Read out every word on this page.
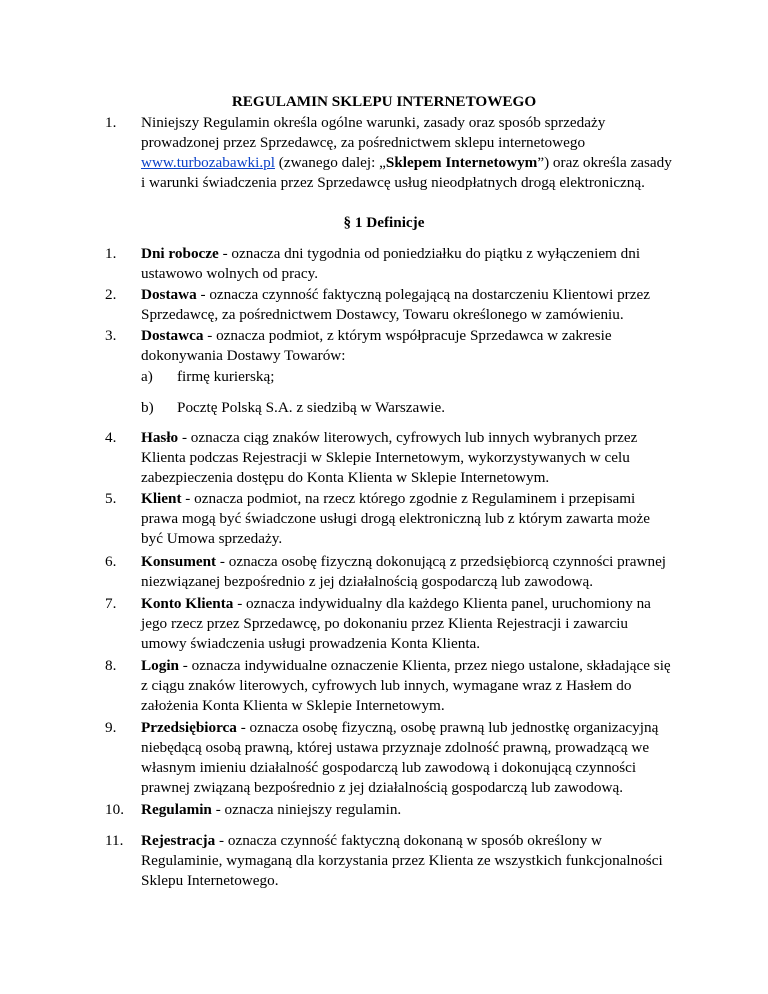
REGULAMIN SKLEPU INTERNETOWEGO
1. Niniejszy Regulamin określa ogólne warunki, zasady oraz sposób sprzedaży prowadzonej przez Sprzedawcę, za pośrednictwem sklepu internetowego www.turbozabawki.pl (zwanego dalej: „Sklepem Internetowym”) oraz określa zasady i warunki świadczenia przez Sprzedawcę usług nieodpłatnych drogą elektroniczną.
§ 1 Definicje
1. Dni robocze - oznacza dni tygodnia od poniedziałku do piątku z wyłączeniem dni ustawowo wolnych od pracy.
2. Dostawa - oznacza czynność faktyczną polegającą na dostarczeniu Klientowi przez Sprzedawcę, za pośrednictwem Dostawcy, Towaru określonego w zamówieniu.
3. Dostawca - oznacza podmiot, z którym współpracuje Sprzedawca w zakresie dokonywania Dostawy Towarów:
a) firmę kurierską;
b) Pocztę Polską S.A. z siedzibą w Warszawie.
4. Hasło - oznacza ciąg znaków literowych, cyfrowych lub innych wybranych przez Klienta podczas Rejestracji w Sklepie Internetowym, wykorzystywanych w celu zabezpieczenia dostępu do Konta Klienta w Sklepie Internetowym.
5. Klient - oznacza podmiot, na rzecz którego zgodnie z Regulaminem i przepisami prawa mogą być świadczone usługi drogą elektroniczną lub z którym zawarta może być Umowa sprzedaży.
6. Konsument - oznacza osobę fizyczną dokonującą z przedsiębiorcą czynności prawnej niezwiązanej bezpośrednio z jej działalnością gospodarczą lub zawodową.
7. Konto Klienta - oznacza indywidualny dla każdego Klienta panel, uruchomiony na jego rzecz przez Sprzedawcę, po dokonaniu przez Klienta Rejestracji i zawarciu umowy świadczenia usługi prowadzenia Konta Klienta.
8. Login - oznacza indywidualne oznaczenie Klienta, przez niego ustalone, składające się z ciągu znaków literowych, cyfrowych lub innych, wymagane wraz z Hasłem do założenia Konta Klienta w Sklepie Internetowym.
9. Przedsiębiorca - oznacza osobę fizyczną, osobę prawną lub jednostkę organizacyjną niebędącą osobą prawną, której ustawa przyznaje zdolność prawną, prowadzącą we własnym imieniu działalność gospodarczą lub zawodową i dokonującą czynności prawnej związaną bezpośrednio z jej działalnością gospodarczą lub zawodową.
10. Regulamin - oznacza niniejszy regulamin.
11. Rejestracja - oznacza czynność faktyczną dokonaną w sposób określony w Regulaminie, wymaganą dla korzystania przez Klienta ze wszystkich funkcjonalności Sklepu Internetowego.
